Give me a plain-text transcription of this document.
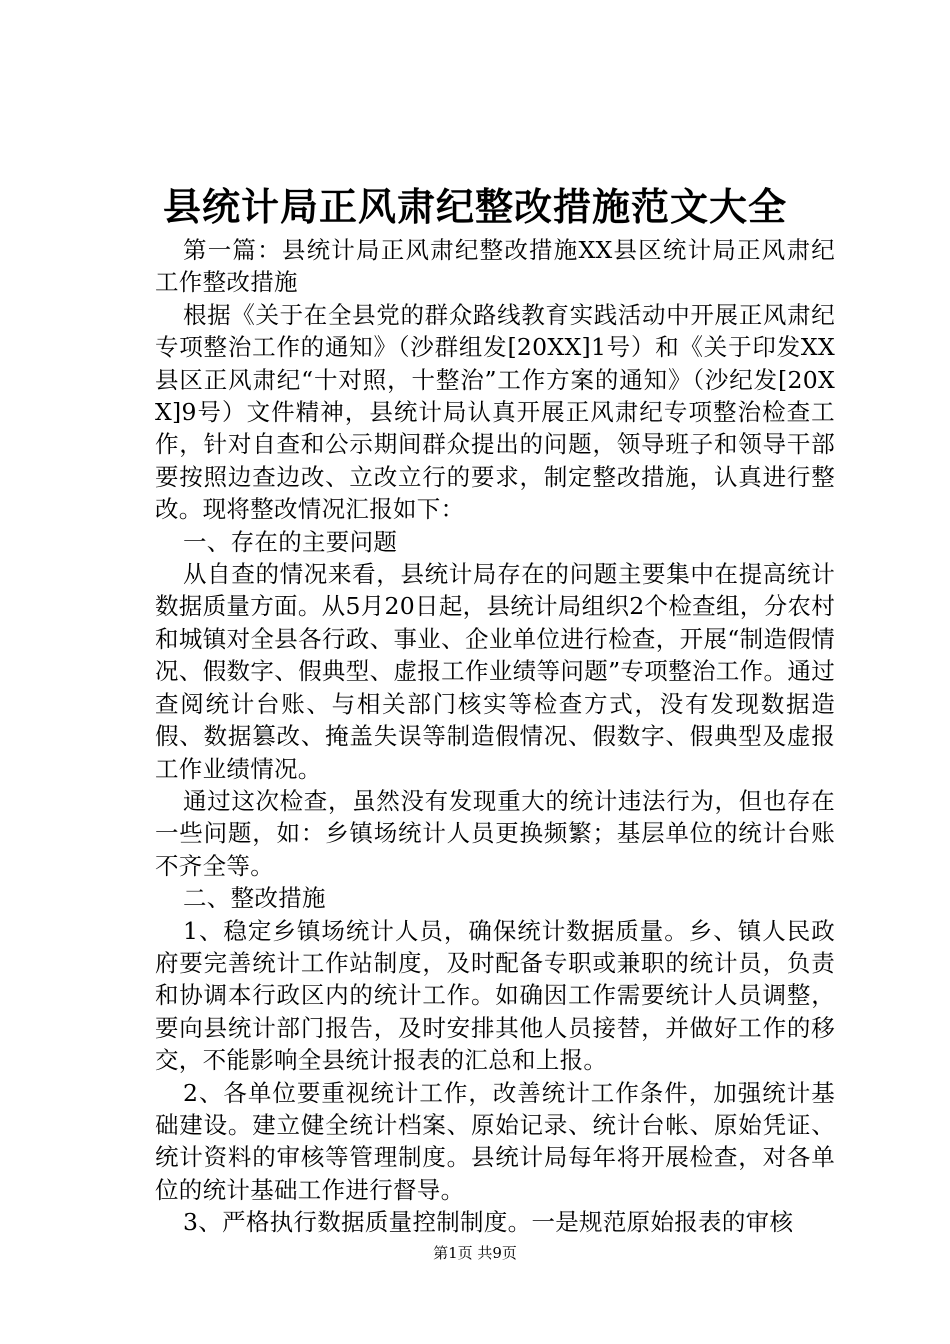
县统计局正风肃纪整改措施范文大全

第一篇：县统计局正风肃纪整改措施XX县区统计局正风肃纪工作整改措施

根据《关于在全县党的群众路线教育实践活动中开展正风肃纪专项整治工作的通知》（沙群组发[20XX]1号）和《关于印发XX县区正风肃纪“十对照，十整治”工作方案的通知》（沙纪发[20XX]9号）文件精神，县统计局认真开展正风肃纪专项整治检查工作，针对自查和公示期间群众提出的问题，领导班子和领导干部要按照边查边改、立改立行的要求，制定整改措施，认真进行整改。现将整改情况汇报如下：

一、存在的主要问题

从自查的情况来看，县统计局存在的问题主要集中在提高统计数据质量方面。从5月20日起，县统计局组织2个检查组，分农村和城镇对全县各行政、事业、企业单位进行检查，开展“制造假情况、假数字、假典型、虚报工作业绩等问题”专项整治工作。通过查阅统计台账、与相关部门核实等检查方式，没有发现数据造假、数据篡改、掩盖失误等制造假情况、假数字、假典型及虚报工作业绩情况。

通过这次检查，虽然没有发现重大的统计违法行为，但也存在一些问题，如：乡镇场统计人员更换频繁；基层单位的统计台账不齐全等。

二、整改措施

1、稳定乡镇场统计人员，确保统计数据质量。乡、镇人民政府要完善统计工作站制度，及时配备专职或兼职的统计员，负责和协调本行政区内的统计工作。如确因工作需要统计人员调整，要向县统计部门报告，及时安排其他人员接替，并做好工作的移交，不能影响全县统计报表的汇总和上报。

2、各单位要重视统计工作，改善统计工作条件，加强统计基础建设。建立健全统计档案、原始记录、统计台帐、原始凭证、统计资料的审核等管理制度。县统计局每年将开展检查，对各单位的统计基础工作进行督导。

3、严格执行数据质量控制制度。一是规范原始报表的审核

第1页 共9页
